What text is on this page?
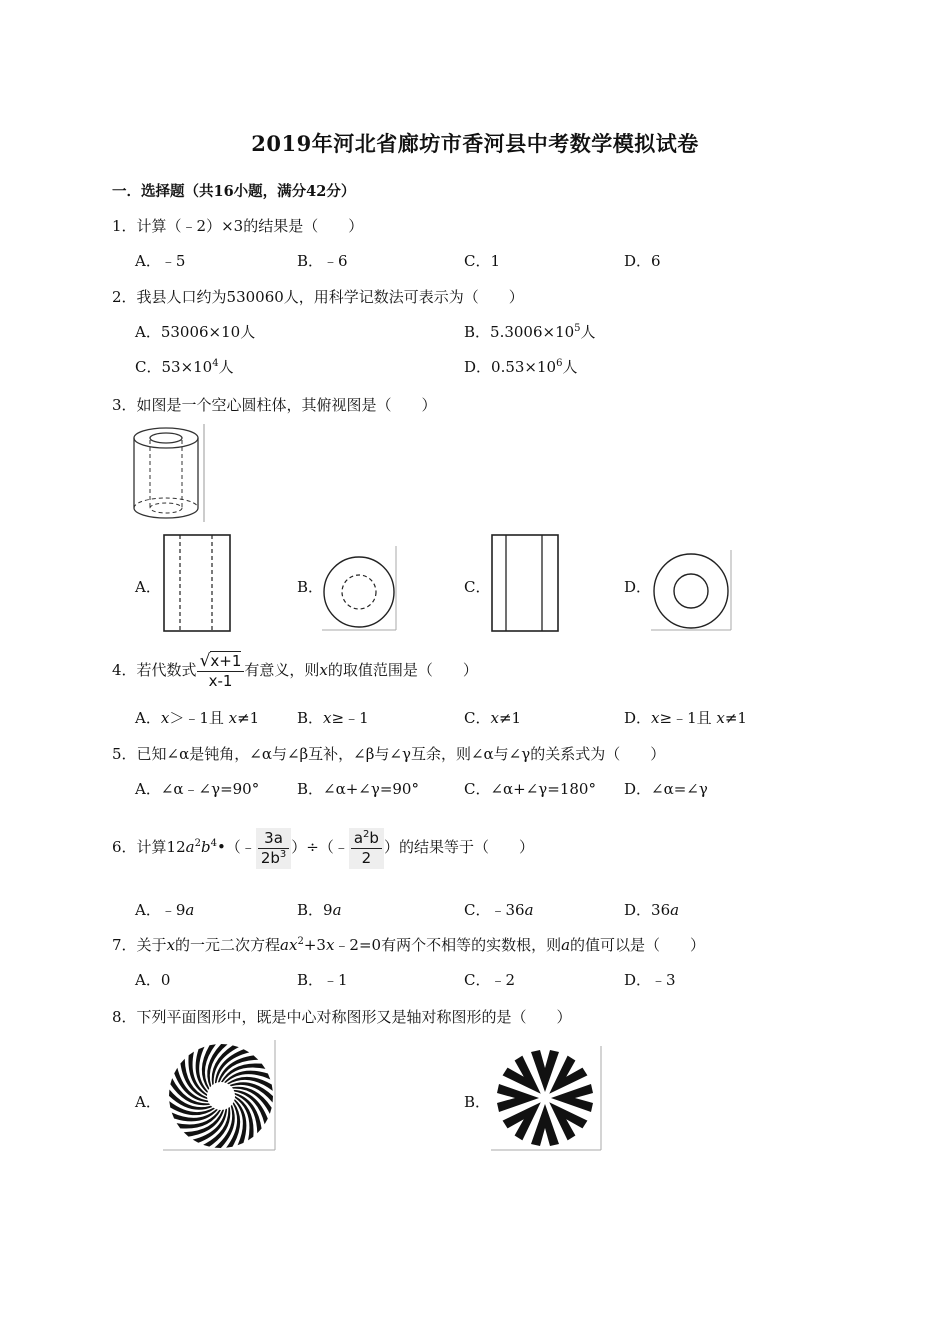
2019年河北省廊坊市香河县中考数学模拟试卷
一．选择题（共16小题，满分42分）
1．计算（﹣2）×3的结果是（　　）
A．﹣5	B．﹣6	C．1	D．6
2．我县人口约为530060人，用科学记数法可表示为（　　）
A．53006×10人	B．$5.3006\times 10^5$人
C．$53\times 10^4$人	D．$0.53\times 10^6$人
3．如图是一个空心圆柱体，其俯视图是（　　）
A．	B．	C．	D．
4．若代数式 $\frac{√x+1}{x-1}$ 有意义，则x的取值范围是（　　）
A．x＞﹣1且 x≠1	B．x≥﹣1	C．x≠1	D．x≥﹣1且 x≠1
5．已知∠α是钝角，∠α与∠β互补，∠β与∠γ互余，则∠α与∠γ的关系式为（　　）
A．∠α﹣∠γ=90°	B．∠α+∠γ=90°	C．∠α+∠γ=180° D．∠α=∠γ
6．计算$12a^2b^4•(﹣ \frac{3a}{2b^3}$ ）÷（﹣ $\frac{a^2b}{2}$ ）的结果等于（　　）
A．﹣9a	B．9a	C．﹣36a	D．36a
7．关于x的一元二次方程$ax^2+3x﹣2=0$有两个不相等的实数根，则a的值可以是（　　）
A．0	B．﹣1	C．﹣2	D．﹣3
8．下列平面图形中，既是中心对称图形又是轴对称图形的是（　　）
A．	B．
